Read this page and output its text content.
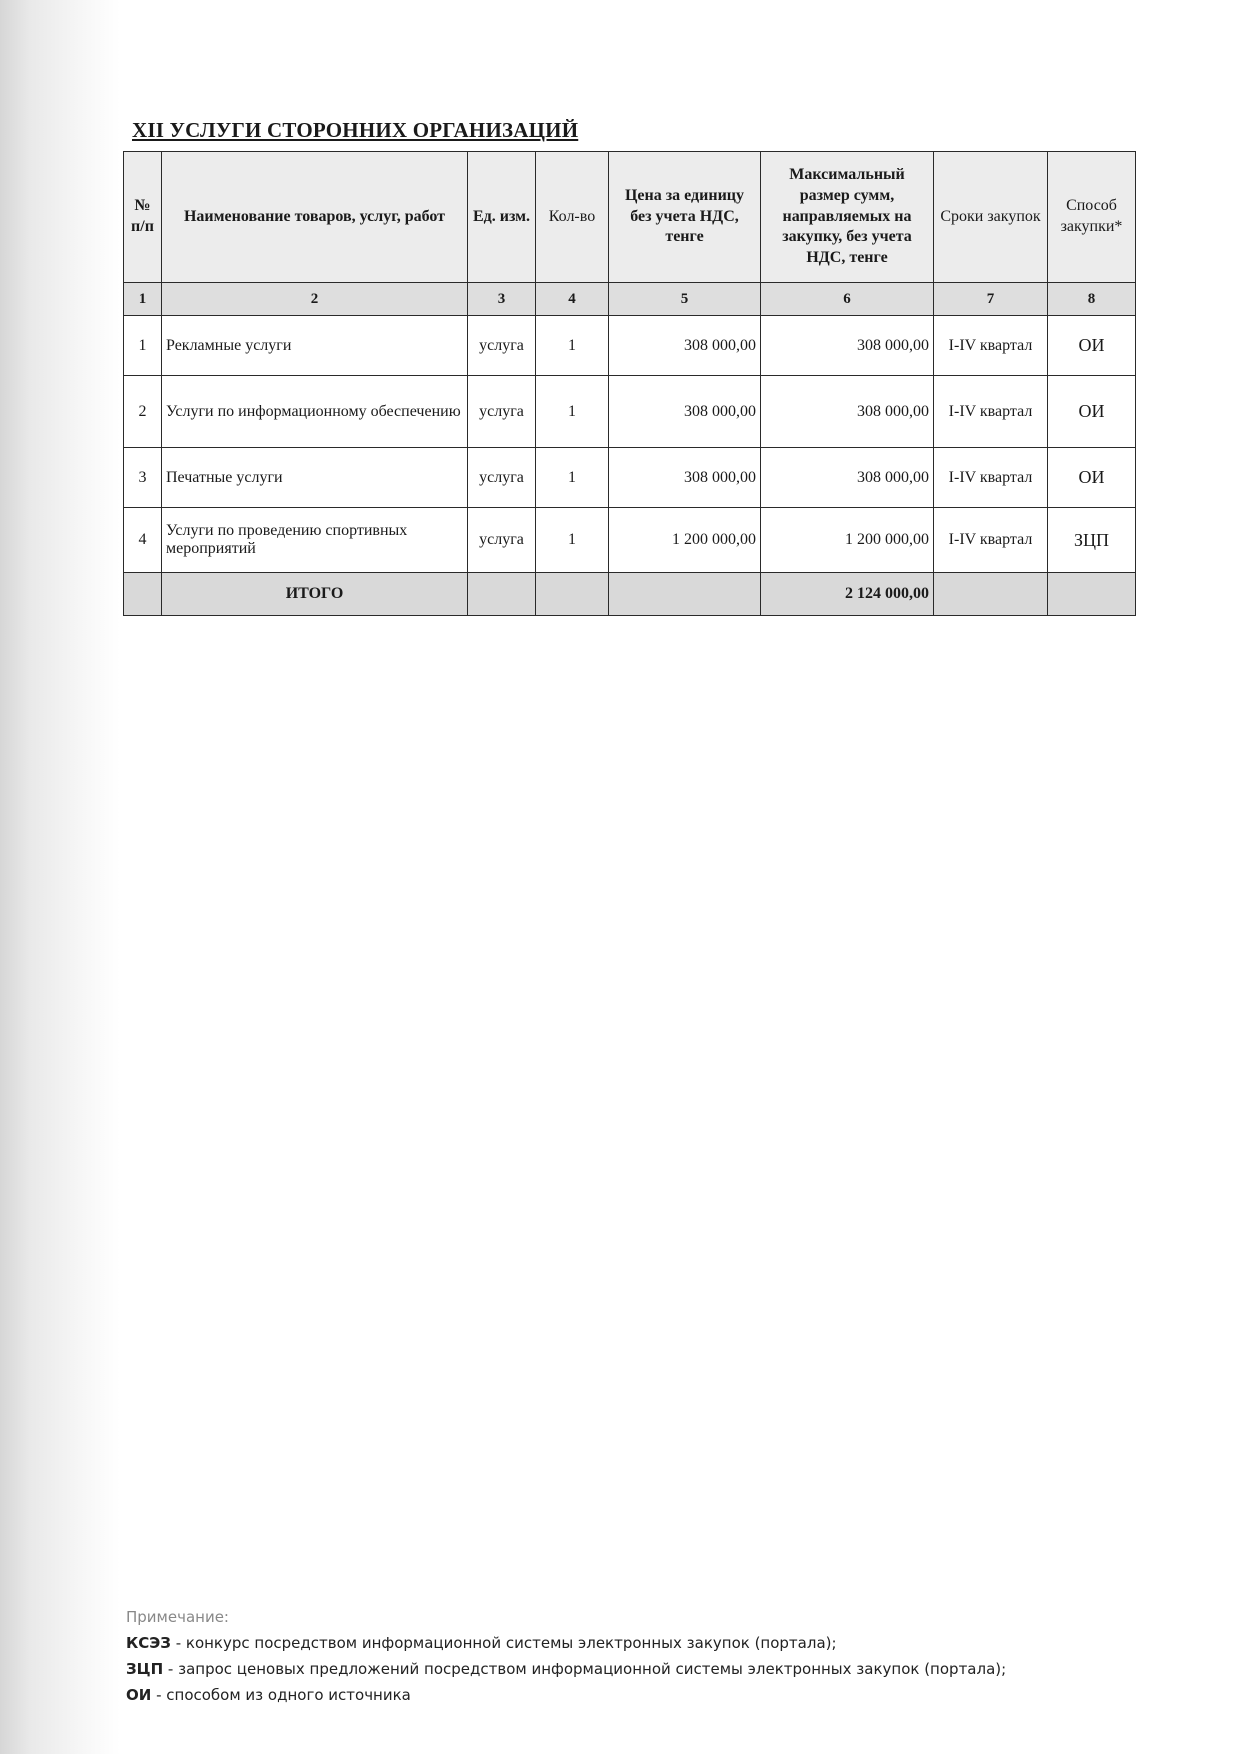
XII УСЛУГИ СТОРОННИХ ОРГАНИЗАЦИЙ
№ п/п	Наименование товаров, услуг, работ	Ед. изм.	Кол-во	Цена за единицу без учета НДС, тенге	Максимальный размер сумм, направляемых на закупку, без учета НДС, тенге	Сроки закупок	Способ закупки*
1	2	3	4	5	6	7	8
1	Рекламные услуги	услуга	1	308 000,00	308 000,00	I-IV квартал	ОИ
2	Услуги по информационному обеспечению	услуга	1	308 000,00	308 000,00	I-IV квартал	ОИ
3	Печатные услуги	услуга	1	308 000,00	308 000,00	I-IV квартал	ОИ
4	Услуги по проведению спортивных мероприятий	услуга	1	1 200 000,00	1 200 000,00	I-IV квартал	ЗЦП
	ИТОГО				2 124 000,00		
Примечание:
КСЭЗ - конкурс посредством информационной системы электронных закупок (портала);
ЗЦП - запрос ценовых предложений посредством информационной системы электронных закупок (портала);
ОИ - способом из одного источника
